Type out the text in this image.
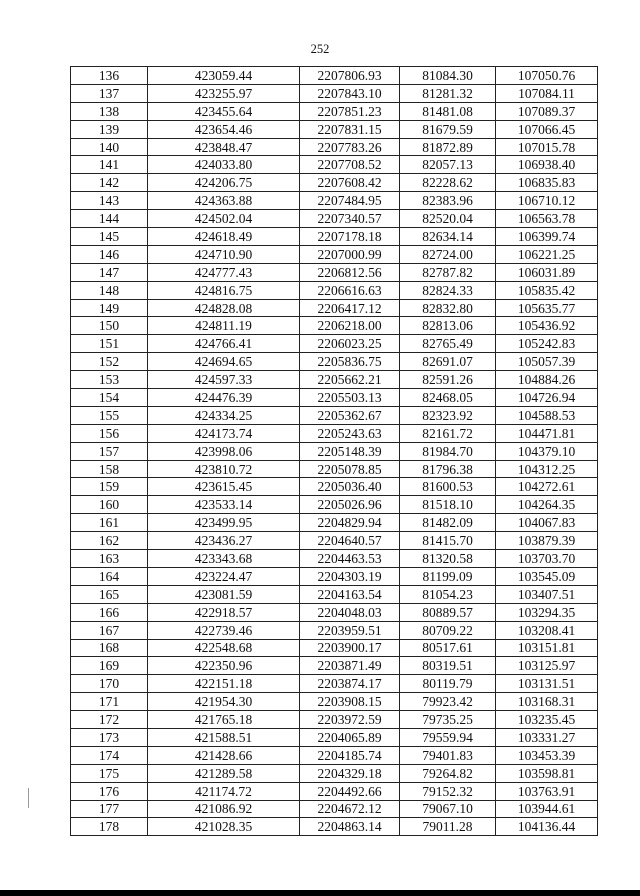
252
136	423059.44	2207806.93	81084.30	107050.76
137	423255.97	2207843.10	81281.32	107084.11
138	423455.64	2207851.23	81481.08	107089.37
139	423654.46	2207831.15	81679.59	107066.45
140	423848.47	2207783.26	81872.89	107015.78
141	424033.80	2207708.52	82057.13	106938.40
142	424206.75	2207608.42	82228.62	106835.83
143	424363.88	2207484.95	82383.96	106710.12
144	424502.04	2207340.57	82520.04	106563.78
145	424618.49	2207178.18	82634.14	106399.74
146	424710.90	2207000.99	82724.00	106221.25
147	424777.43	2206812.56	82787.82	106031.89
148	424816.75	2206616.63	82824.33	105835.42
149	424828.08	2206417.12	82832.80	105635.77
150	424811.19	2206218.00	82813.06	105436.92
151	424766.41	2206023.25	82765.49	105242.83
152	424694.65	2205836.75	82691.07	105057.39
153	424597.33	2205662.21	82591.26	104884.26
154	424476.39	2205503.13	82468.05	104726.94
155	424334.25	2205362.67	82323.92	104588.53
156	424173.74	2205243.63	82161.72	104471.81
157	423998.06	2205148.39	81984.70	104379.10
158	423810.72	2205078.85	81796.38	104312.25
159	423615.45	2205036.40	81600.53	104272.61
160	423533.14	2205026.96	81518.10	104264.35
161	423499.95	2204829.94	81482.09	104067.83
162	423436.27	2204640.57	81415.70	103879.39
163	423343.68	2204463.53	81320.58	103703.70
164	423224.47	2204303.19	81199.09	103545.09
165	423081.59	2204163.54	81054.23	103407.51
166	422918.57	2204048.03	80889.57	103294.35
167	422739.46	2203959.51	80709.22	103208.41
168	422548.68	2203900.17	80517.61	103151.81
169	422350.96	2203871.49	80319.51	103125.97
170	422151.18	2203874.17	80119.79	103131.51
171	421954.30	2203908.15	79923.42	103168.31
172	421765.18	2203972.59	79735.25	103235.45
173	421588.51	2204065.89	79559.94	103331.27
174	421428.66	2204185.74	79401.83	103453.39
175	421289.58	2204329.18	79264.82	103598.81
176	421174.72	2204492.66	79152.32	103763.91
177	421086.92	2204672.12	79067.10	103944.61
178	421028.35	2204863.14	79011.28	104136.44
